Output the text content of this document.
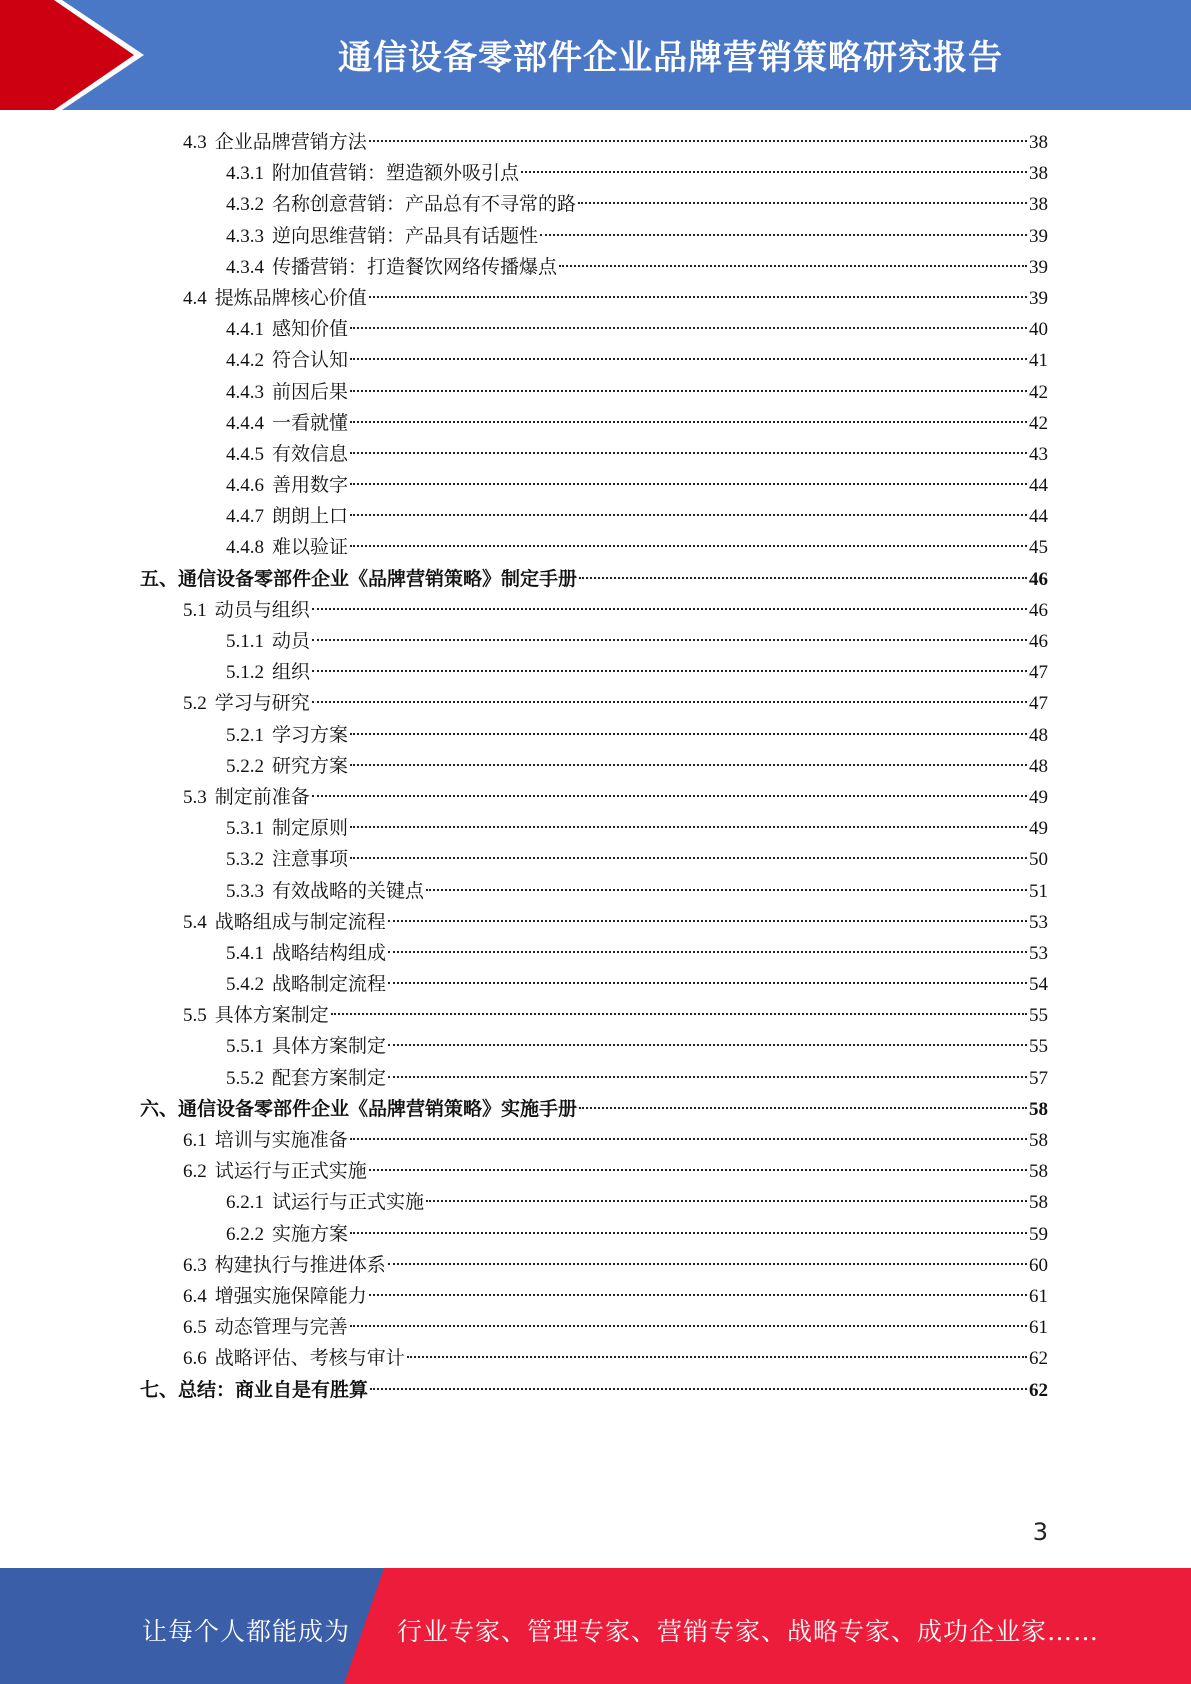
通信设备零部件企业品牌营销策略研究报告
4.3 企业品牌营销方法	38
4.3.1 附加值营销：塑造额外吸引点	38
4.3.2 名称创意营销：产品总有不寻常的路	38
4.3.3 逆向思维营销：产品具有话题性	39
4.3.4 传播营销：打造餐饮网络传播爆点	39
4.4 提炼品牌核心价值	39
4.4.1 感知价值	40
4.4.2 符合认知	41
4.4.3 前因后果	42
4.4.4 一看就懂	42
4.4.5 有效信息	43
4.4.6 善用数字	44
4.4.7 朗朗上口	44
4.4.8 难以验证	45
五、通信设备零部件企业《品牌营销策略》制定手册	46
5.1 动员与组织	46
5.1.1 动员	46
5.1.2 组织	47
5.2 学习与研究	47
5.2.1 学习方案	48
5.2.2 研究方案	48
5.3 制定前准备	49
5.3.1 制定原则	49
5.3.2 注意事项	50
5.3.3 有效战略的关键点	51
5.4 战略组成与制定流程	53
5.4.1 战略结构组成	53
5.4.2 战略制定流程	54
5.5 具体方案制定	55
5.5.1 具体方案制定	55
5.5.2 配套方案制定	57
六、通信设备零部件企业《品牌营销策略》实施手册	58
6.1 培训与实施准备	58
6.2 试运行与正式实施	58
6.2.1 试运行与正式实施	58
6.2.2 实施方案	59
6.3 构建执行与推进体系	60
6.4 增强实施保障能力	61
6.5 动态管理与完善	61
6.6 战略评估、考核与审计	62
七、总结：商业自是有胜算	62
3
让每个人都能成为 行业专家、管理专家、营销专家、战略专家、成功企业家……
